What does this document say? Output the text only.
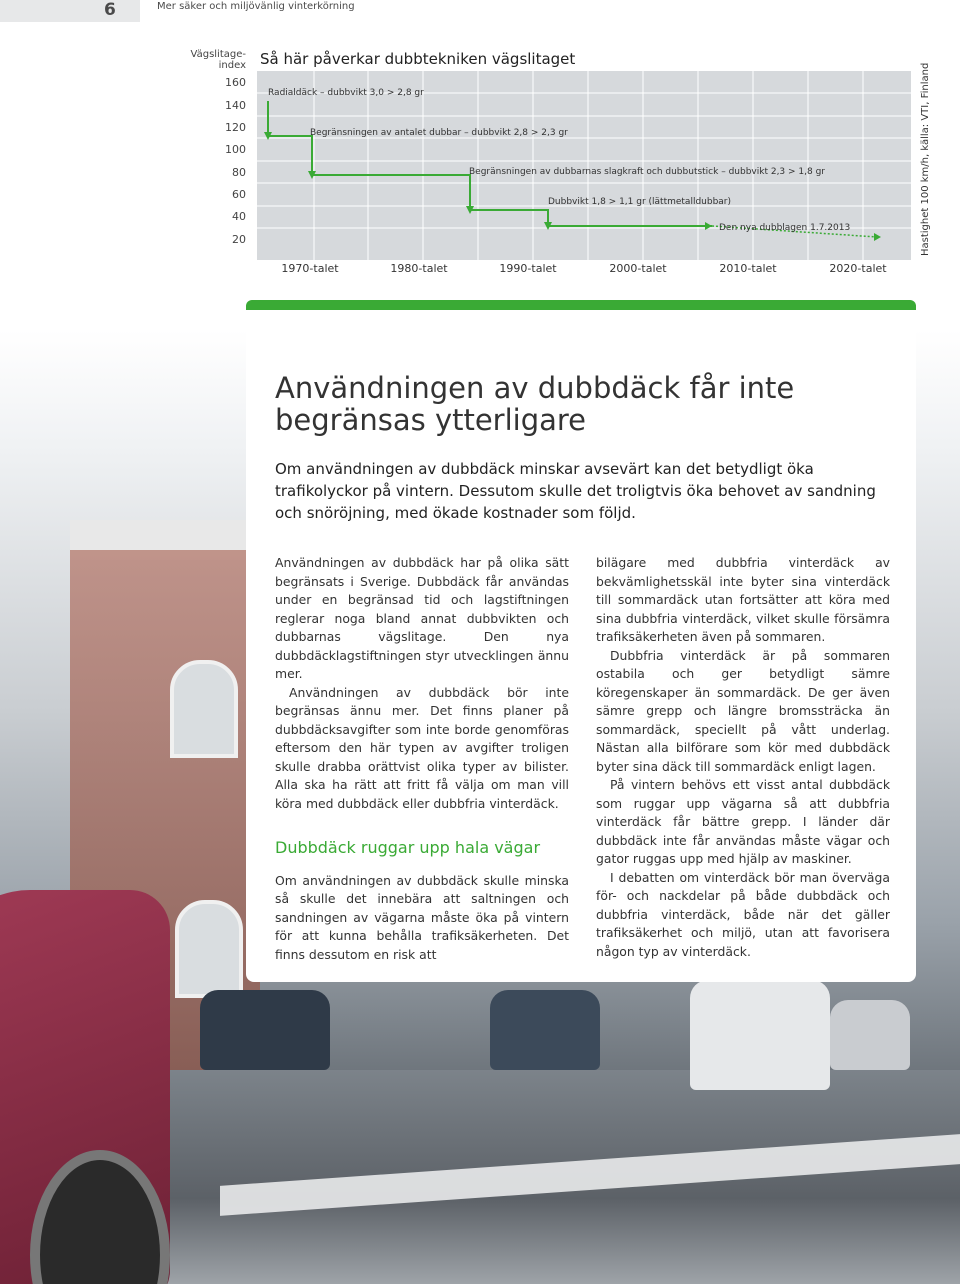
6	Mer säker och miljövänlig vinterkörning
Vägslitage-index Så här påverkar dubbtekniken vägslitaget
160
140
120
100
80
60
40
20
Radialdäck – dubbvikt 3,0 > 2,8 gr
Begränsningen av antalet dubbar – dubbvikt 2,8 > 2,3 gr
Begränsningen av dubbarnas slagkraft och dubbutstick – dubbvikt 2,3 > 1,8 gr
Dubbvikt 1,8 > 1,1 gr (lättmetalldubbar)
Den nya dubblagen 1.7.2013
1970-talet	1980-talet	1990-talet	2000-talet	2010-talet	2020-talet
Hastighet 100 km/h, källa: VTI, Finland
Användningen av dubbdäck får inte begränsas ytterligare
Om användningen av dubbdäck minskar avsevärt kan det betydligt öka trafikolyckor på vintern. Dessutom skulle det troligtvis öka behovet av sandning och snöröjning, med ökade kostnader som följd.

Användningen av dubbdäck har på olika sätt begränsats i Sverige. Dubbdäck får användas under en begränsad tid och lagstiftningen reglerar noga bland annat dubbvikten och dubbarnas vägslitage. Den nya dubbdäcklagstiftningen styr utvecklingen ännu mer.

Användningen av dubbdäck bör inte begränsas ännu mer. Det finns planer på dubbdäcksavgifter som inte borde genomföras eftersom den här typen av avgifter troligen skulle drabba orättvist olika typer av bilister. Alla ska ha rätt att fritt få välja om man vill köra med dubbdäck eller dubbfria vinterdäck.

Dubbdäck ruggar upp hala vägar

Om användningen av dubbdäck skulle minska så skulle det innebära att saltningen och sandningen av vägarna måste öka på vintern för att kunna behålla trafiksäkerheten. Det finns dessutom en risk att

bilägare med dubbfria vinterdäck av bekvämlighetsskäl inte byter sina vinterdäck till sommardäck utan fortsätter att köra med sina dubbfria vinterdäck, vilket skulle försämra trafiksäkerheten även på sommaren.

Dubbfria vinterdäck är på sommaren ostabila och ger betydligt sämre köregenskaper än sommardäck. De ger även sämre grepp och längre bromssträcka än sommardäck, speciellt på vått underlag. Nästan alla bilförare som kör med dubbdäck byter sina däck till sommardäck enligt lagen.

På vintern behövs ett visst antal dubbdäck som ruggar upp vägarna så att dubbfria vinterdäck får bättre grepp. I länder där dubbdäck inte får användas måste vägar och gator ruggas upp med hjälp av maskiner.

I debatten om vinterdäck bör man överväga för- och nackdelar på både dubbdäck och dubbfria vinterdäck, både när det gäller trafiksäkerhet och miljö, utan att favorisera någon typ av vinterdäck.
